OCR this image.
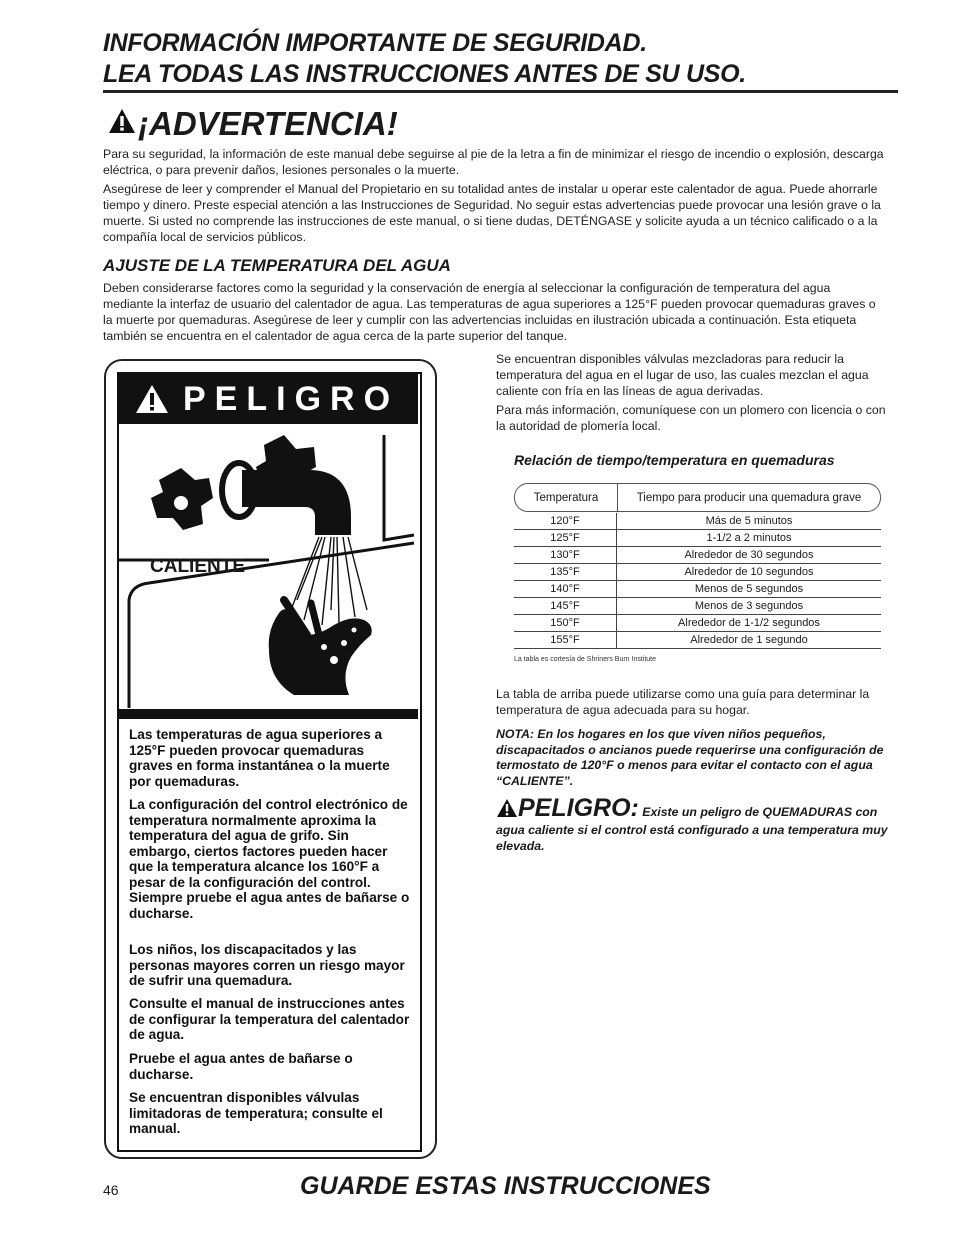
INFORMACIÓN IMPORTANTE DE SEGURIDAD.
LEA TODAS LAS INSTRUCCIONES ANTES DE SU USO.
¡ADVERTENCIA!
Para su seguridad, la información de este manual debe seguirse al pie de la letra a fin de minimizar el riesgo de incendio o explosión, descarga eléctrica, o para prevenir daños, lesiones personales o la muerte.
Asegúrese de leer y comprender el Manual del Propietario en su totalidad antes de instalar u operar este calentador de agua. Puede ahorrarle tiempo y dinero. Preste especial atención a las Instrucciones de Seguridad. No seguir estas advertencias puede provocar una lesión grave o la muerte. Si usted no comprende las instrucciones de este manual, o si tiene dudas, DETÉNGASE y solicite ayuda a un técnico calificado o a la compañía local de servicios públicos.
AJUSTE DE LA TEMPERATURA DEL AGUA
Deben considerarse factores como la seguridad y la conservación de energía al seleccionar la configuración de temperatura del agua mediante la interfaz de usuario del calentador de agua. Las temperaturas de agua superiores a 125°F pueden provocar quemaduras graves o la muerte por quemaduras. Asegúrese de leer y cumplir con las advertencias incluidas en ilustración ubicada a continuación. Esta etiqueta también se encuentra en el calentador de agua cerca de la parte superior del tanque.
PELIGRO
CALIENTE
QUEMADURAS
Las temperaturas de agua superiores a 125°F pueden provocar quemaduras graves en forma instantánea o la muerte por quemaduras.
La configuración del control electrónico de temperatura normalmente aproxima la temperatura del agua de grifo. Sin embargo, ciertos factores pueden hacer que la temperatura alcance los 160°F a pesar de la configuración del control. Siempre pruebe el agua antes de bañarse o ducharse.
Los niños, los discapacitados y las personas mayores corren un riesgo mayor de sufrir una quemadura.
Consulte el manual de instrucciones antes de configurar la temperatura del calentador de agua.
Pruebe el agua antes de bañarse o ducharse.
Se encuentran disponibles válvulas limitadoras de temperatura; consulte el manual.
Se encuentran disponibles válvulas mezcladoras para reducir la temperatura del agua en el lugar de uso, las cuales mezclan el agua caliente con fría en las líneas de agua derivadas.
Para más información, comuníquese con un plomero con licencia o con la autoridad de plomería local.
Relación de tiempo/temperatura en quemaduras
Temperatura	Tiempo para producir una quemadura grave
120°F	Más de 5 minutos
125°F	1-1/2 a 2 minutos
130°F	Alrededor de 30 segundos
135°F	Alrededor de 10 segundos
140°F	Menos de 5 segundos
145°F	Menos de 3 segundos
150°F	Alrededor de 1-1/2 segundos
155°F	Alrededor de 1 segundo
La tabla es cortesía de Shriners Burn Institute
La tabla de arriba puede utilizarse como una guía para determinar la temperatura de agua adecuada para su hogar.
NOTA: En los hogares en los que viven niños pequeños, discapacitados o ancianos puede requerirse una configuración de termostato de 120°F o menos para evitar el contacto con el agua “CALIENTE”.
PELIGRO: Existe un peligro de QUEMADURAS con agua caliente si el control está configurado a una temperatura muy elevada.
46	GUARDE ESTAS INSTRUCCIONES
